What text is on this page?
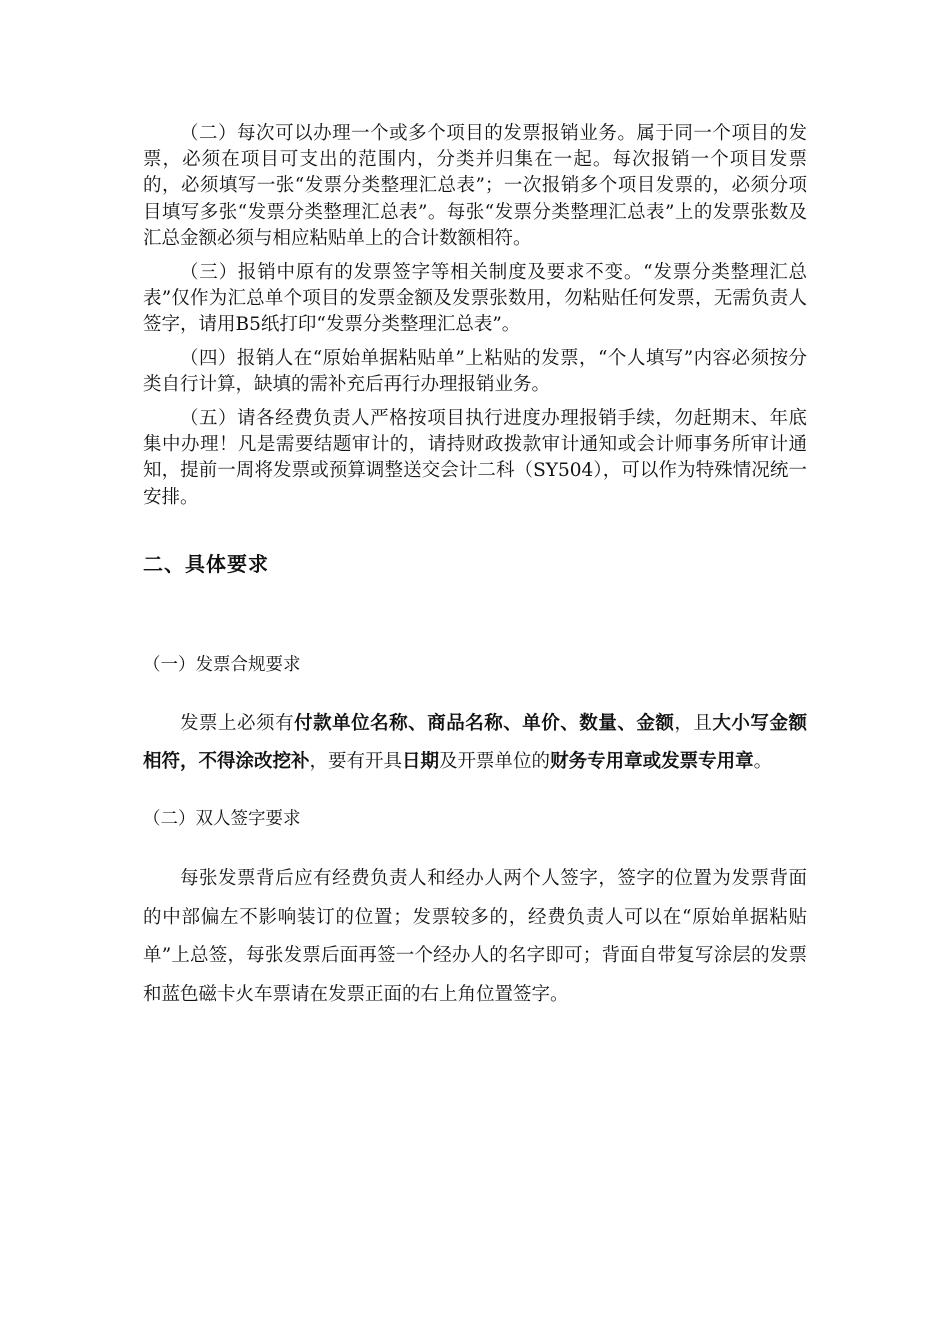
（二）每次可以办理一个或多个项目的发票报销业务。属于同一个项目的发票，必须在项目可支出的范围内，分类并归集在一起。每次报销一个项目发票的，必须填写一张“发票分类整理汇总表”；一次报销多个项目发票的，必须分项目填写多张“发票分类整理汇总表”。每张“发票分类整理汇总表”上的发票张数及汇总金额必须与相应粘贴单上的合计数额相符。

（三）报销中原有的发票签字等相关制度及要求不变。“发票分类整理汇总表”仅作为汇总单个项目的发票金额及发票张数用，勿粘贴任何发票，无需负责人签字，请用B5纸打印“发票分类整理汇总表”。

（四）报销人在“原始单据粘贴单”上粘贴的发票，“个人填写”内容必须按分类自行计算，缺填的需补充后再行办理报销业务。

（五）请各经费负责人严格按项目执行进度办理报销手续，勿赶期末、年底集中办理！凡是需要结题审计的，请持财政拨款审计通知或会计师事务所审计通知，提前一周将发票或预算调整送交会计二科（SY504），可以作为特殊情况统一安排。

二、具体要求

（一）发票合规要求

发票上必须有付款单位名称、商品名称、单价、数量、金额，且大小写金额相符，不得涂改挖补，要有开具日期及开票单位的财务专用章或发票专用章。

（二）双人签字要求

每张发票背后应有经费负责人和经办人两个人签字，签字的位置为发票背面的中部偏左不影响装订的位置；发票较多的，经费负责人可以在“原始单据粘贴单”上总签，每张发票后面再签一个经办人的名字即可；背面自带复写涂层的发票和蓝色磁卡火车票请在发票正面的右上角位置签字。
